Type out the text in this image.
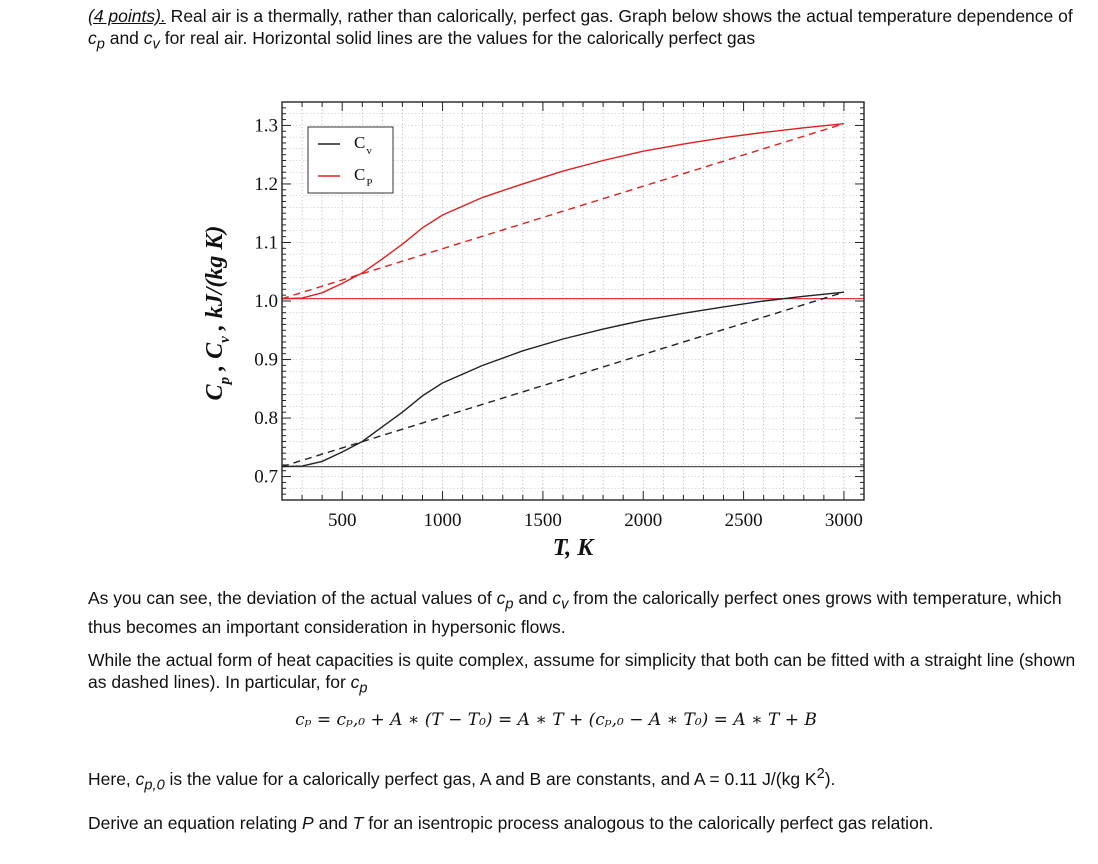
(4 points). Real air is a thermally, rather than calorically, perfect gas. Graph below shows the actual temperature dependence of $c_p$ and $c_v$ for real air. Horizontal solid lines are the values for the calorically perfect gas

500	1000	1500	2000	2500	3000
0.7
0.8
0.9
1.0
1.1
1.2
1.3
$C_v$
$C_P$
T, K
$C_p$ , $C_v$ , kJ/(kg K)

As you can see, the deviation of the actual values of $c_p$ and $c_v$ from the calorically perfect ones grows with temperature, which thus becomes an important consideration in hypersonic flows.

While the actual form of heat capacities is quite complex, assume for simplicity that both can be fitted with a straight line (shown as dashed lines). In particular, for $c_p$

cₚ = cₚ,₀ + A ∗ (T − T₀) = A ∗ T + (cₚ,₀ − A ∗ T₀) = A ∗ T + B

Here, $c_{p,0}$ is the value for a calorically perfect gas, A and B are constants, and A = 0.11 J/(kg $K^2$).

Derive an equation relating P and T for an isentropic process analogous to the calorically perfect gas relation.
